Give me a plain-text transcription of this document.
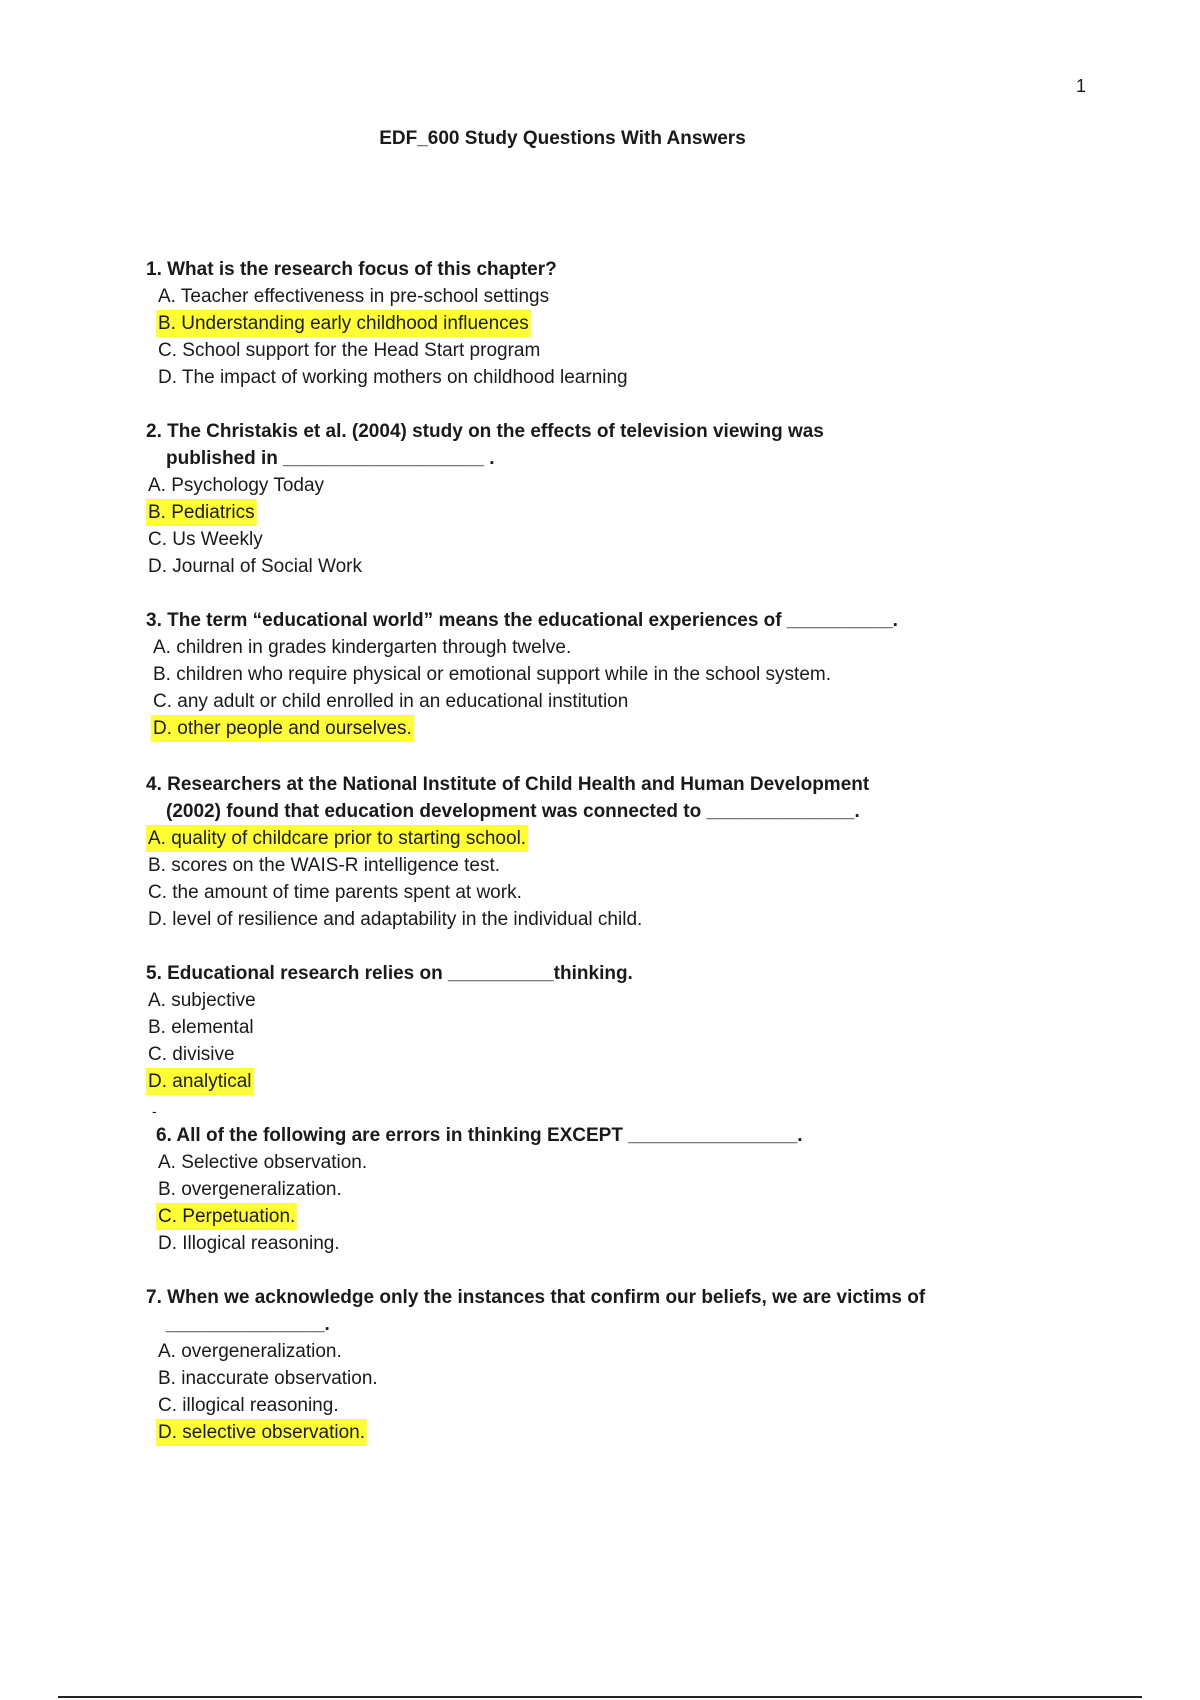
1
EDF_600 Study Questions With Answers

1. What is the research focus of this chapter?

A. Teacher effectiveness in pre-school settings
B. Understanding early childhood influences
C. School support for the Head Start program
D. The impact of working mothers on childhood learning

2. The Christakis et al. (2004) study on the effects of television viewing was
published in ___________________ .

A. Psychology Today
B. Pediatrics
C. Us Weekly
D. Journal of Social Work

3. The term “educational world” means the educational experiences of __________.

A. children in grades kindergarten through twelve.
B. children who require physical or emotional support while in the school system.
C. any adult or child enrolled in an educational institution
D. other people and ourselves.

4. Researchers at the National Institute of Child Health and Human Development
(2002) found that education development was connected to ______________.

A. quality of childcare prior to starting school.
B. scores on the WAIS-R intelligence test.
C. the amount of time parents spent at work.
D. level of resilience and adaptability in the individual child.

5. Educational research relies on __________thinking.

A. subjective
B. elemental
C. divisive
D. analytical
-

6. All of the following are errors in thinking EXCEPT ________________.

A. Selective observation.
B. overgeneralization.
C. Perpetuation.
D. Illogical reasoning.

7. When we acknowledge only the instances that confirm our beliefs, we are victims of
_______________.

A. overgeneralization.
B. inaccurate observation.
C. illogical reasoning.
D. selective observation.
